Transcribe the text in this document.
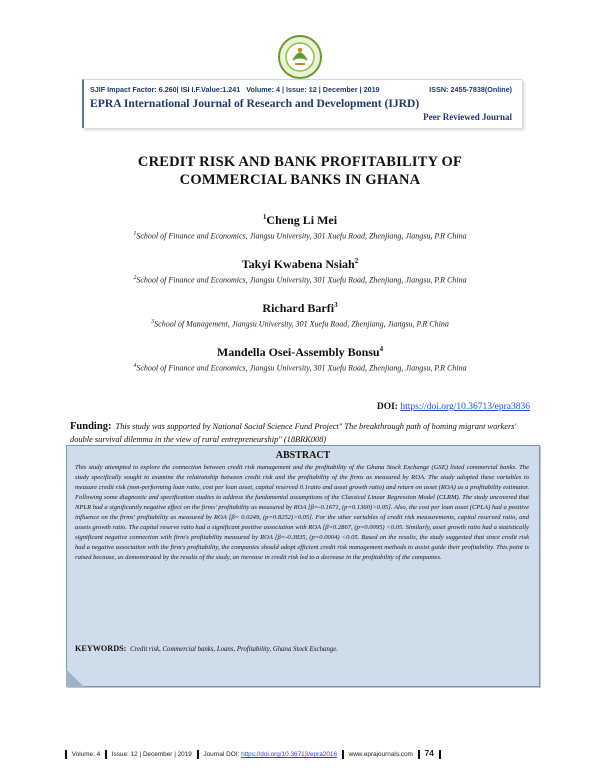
SJIF Impact Factor: 6.260| ISI I.F.Value:1.241 Volume: 4 | Issue: 12 | December | 2019	ISSN: 2455-7838(Online)
EPRA International Journal of Research and Development (IJRD)
Peer Reviewed Journal
CREDIT RISK AND BANK PROFITABILITY OF
COMMERCIAL BANKS IN GHANA
$^1$Cheng Li Mei
$^1$School of Finance and Economics, Jiangsu University, 301 Xuefu Road, Zhenjiang, Jiangsu, P.R China
Takyi Kwabena Nsiah$^2$
$^2$School of Finance and Economics, Jiangsu University, 301 Xuefu Road, Zhenjiang, Jiangsu, P.R China
Richard Barfi$^3$
$^3$School of Management, Jiangsu University, 301 Xuefu Road, Zhenjiang, Jiangsu, P.R China
Mandella Osei-Assembly Bonsu$^4$
$^4$School of Finance and Economics, Jiangsu University, 301 Xuefu Road, Zhenjiang, Jiangsu, P.R China
DOI: https://doi.org/10.36713/epra3836
Funding: This study was supported by National Social Science Fund Project" The breakthrough path of homing migrant workers' double survival dilemma in the view of rural entrepreneurship" (18BRK008)
ABSTRACT
This study attempted to explore the connection between credit risk management and the profitability of the Ghana Stock Exchange (GSE) listed commercial banks. The study specifically sought to examine the relationship between credit risk and the profitability of the firms as measured by ROA. The study adopted these variables to measure credit risk (non-performing loan ratio, cost per loan asset, capital reserved 0.1ratio and asset growth ratio) and return on asset (ROA) as a profitability estimator. Following some diagnostic and specification studies to address the fundamental assumptions of the Classical Linear Regression Model (CLRM). The study uncovered that NPLR had a significantly negative effect on the firms' profitability as measured by ROA [β=-0.1671, (p=0.1360)>0.05]. Also, the cost per loan asset (CPLA) had a positive influence on the firms' profitability as measured by ROA [β= 0.0249, (p=0.8252)>0.05]. For the other variables of credit risk measurements, capital reserved ratio, and assets growth ratio. The capital reserve ratio had a significant positive association with ROA [β=0.2867, (p=0.0095) <0.05. Similarly, asset growth ratio had a statistically significant negative connection with firm's profitability measured by ROA [β=-0.3835, (p=0.0004) <0.05. Based on the results, the study suggested that since credit risk had a negative association with the firm's profitability, the companies should adopt efficient credit risk management methods to assist guide their profitability. This point is raised because, as demonstrated by the results of the study, an increase in credit risk led to a decrease in the profitability of the companies.
KEYWORDS: Credit risk, Commercial banks, Loans, Profitability, Ghana Stock Exchange.
Volume: 4 Issue: 12 | December | 2019 Journal DOI: https://doi.org/10.36713/epra2016 www.eprajournals.com 74
